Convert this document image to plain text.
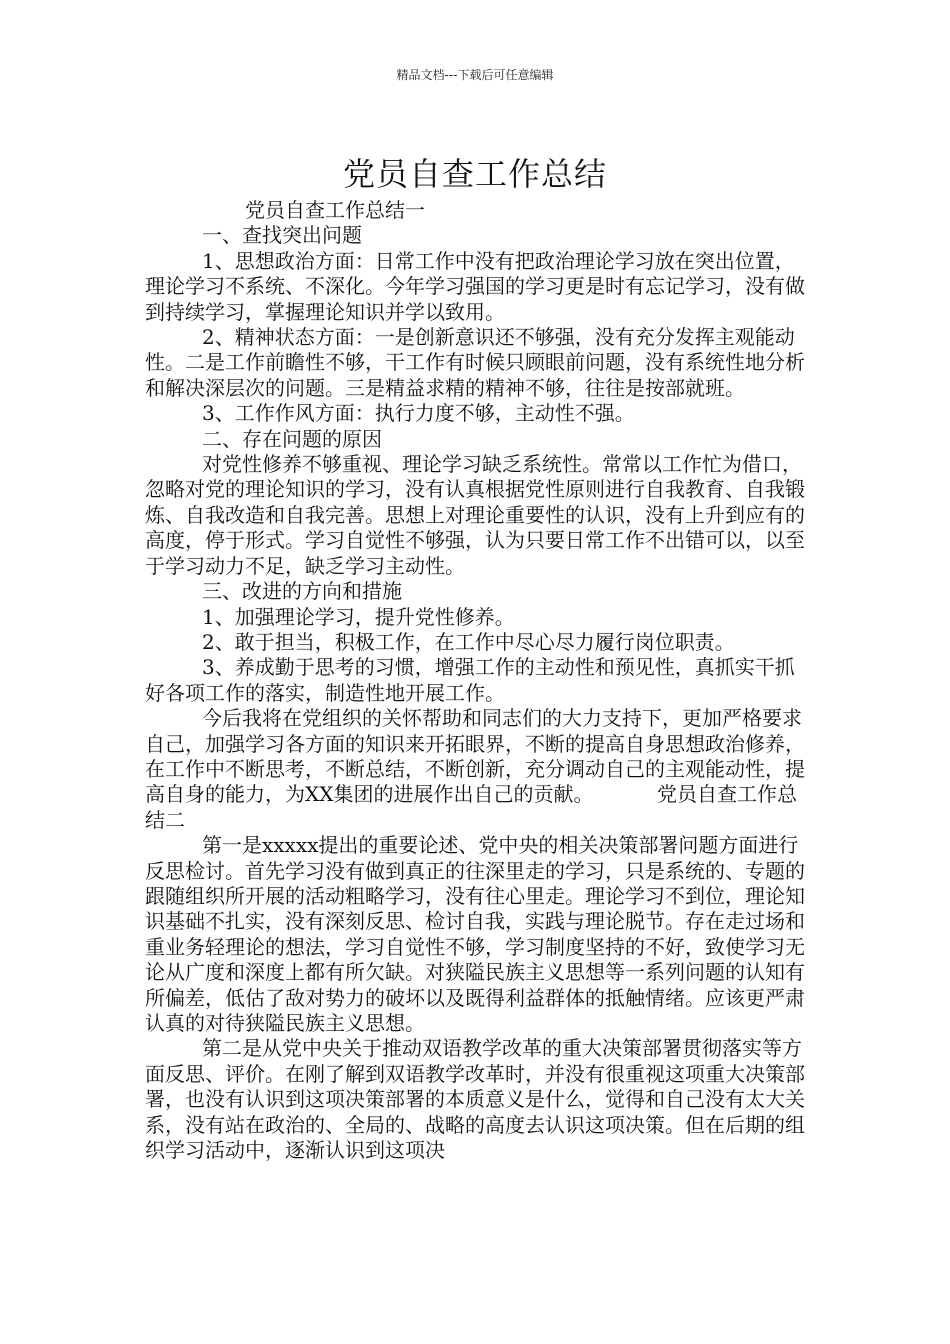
精品文档---下载后可任意编辑
党员自查工作总结

党员自查工作总结一

一、查找突出问题

1、思想政治方面：日常工作中没有把政治理论学习放在突出位置，理论学习不系统、不深化。今年学习强国的学习更是时有忘记学习，没有做到持续学习，掌握理论知识并学以致用。

2、精神状态方面：一是创新意识还不够强，没有充分发挥主观能动性。二是工作前瞻性不够，干工作有时候只顾眼前问题，没有系统性地分析和解决深层次的问题。三是精益求精的精神不够，往往是按部就班。

3、工作作风方面：执行力度不够，主动性不强。

二、存在问题的原因

对党性修养不够重视、理论学习缺乏系统性。常常以工作忙为借口，忽略对党的理论知识的学习，没有认真根据党性原则进行自我教育、自我锻炼、自我改造和自我完善。思想上对理论重要性的认识，没有上升到应有的高度，停于形式。学习自觉性不够强，认为只要日常工作不出错可以，以至于学习动力不足，缺乏学习主动性。

三、改进的方向和措施

1、加强理论学习，提升党性修养。

2、敢于担当，积极工作，在工作中尽心尽力履行岗位职责。

3、养成勤于思考的习惯，增强工作的主动性和预见性，真抓实干抓好各项工作的落实，制造性地开展工作。

今后我将在党组织的关怀帮助和同志们的大力支持下，更加严格要求自己，加强学习各方面的知识来开拓眼界，不断的提高自身思想政治修养，在工作中不断思考，不断总结，不断创新，充分调动自己的主观能动性，提高自身的能力，为XX集团的进展作出自己的贡献。          党员自查工作总结二

第一是xxxxx提出的重要论述、党中央的相关决策部署问题方面进行反思检讨。首先学习没有做到真正的往深里走的学习，只是系统的、专题的跟随组织所开展的活动粗略学习，没有往心里走。理论学习不到位，理论知识基础不扎实，没有深刻反思、检讨自我，实践与理论脱节。存在走过场和重业务轻理论的想法，学习自觉性不够，学习制度坚持的不好，致使学习无论从广度和深度上都有所欠缺。对狭隘民族主义思想等一系列问题的认知有所偏差，低估了敌对势力的破坏以及既得利益群体的抵触情绪。应该更严肃认真的对待狭隘民族主义思想。

第二是从党中央关于推动双语教学改革的重大决策部署贯彻落实等方面反思、评价。在刚了解到双语教学改革时，并没有很重视这项重大决策部署，也没有认识到这项决策部署的本质意义是什么，觉得和自己没有太大关系，没有站在政治的、全局的、战略的高度去认识这项决策。但在后期的组织学习活动中，逐渐认识到这项决
